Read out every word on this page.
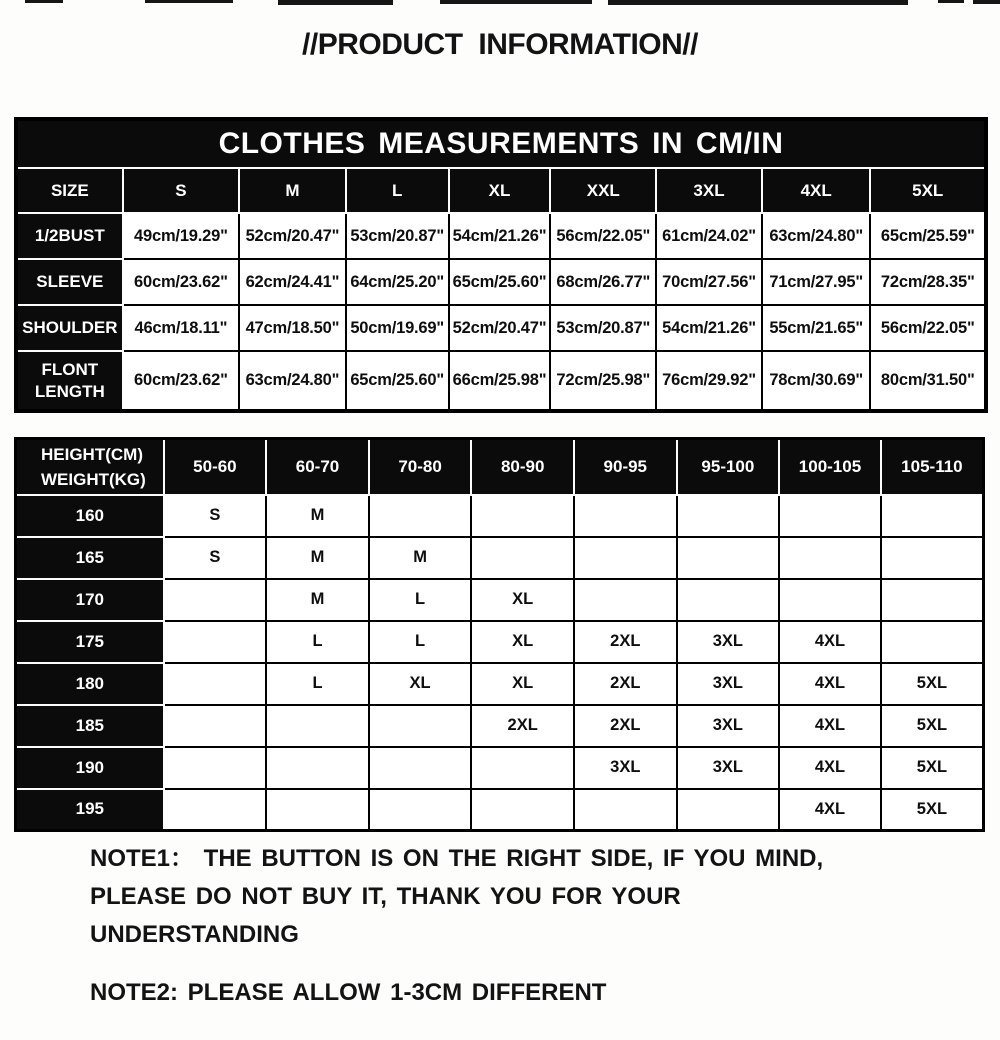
//PRODUCT INFORMATION//
CLOTHES MEASUREMENTS IN CM/IN								
SIZE	S	M	L	XL	XXL	3XL	4XL	5XL
1/2BUST	49cm/19.29"	52cm/20.47"	53cm/20.87"	54cm/21.26"	56cm/22.05"	61cm/24.02"	63cm/24.80"	65cm/25.59"
SLEEVE	60cm/23.62"	62cm/24.41"	64cm/25.20"	65cm/25.60"	68cm/26.77"	70cm/27.56"	71cm/27.95"	72cm/28.35"
SHOULDER	46cm/18.11"	47cm/18.50"	50cm/19.69"	52cm/20.47"	53cm/20.87"	54cm/21.26"	55cm/21.65"	56cm/22.05"
FLONT LENGTH	60cm/23.62"	63cm/24.80"	65cm/25.60"	66cm/25.98"	72cm/25.98"	76cm/29.92"	78cm/30.69"	80cm/31.50"
HEIGHT(CM)
WEIGHT(KG)	50-60	60-70	70-80	80-90	90-95	95-100	100-105	105-110
160	S	M						
165	S	M	M					
170		M	L	XL				
175		L	L	XL	2XL	3XL	4XL	
180		L	XL	XL	2XL	3XL	4XL	5XL
185				2XL	2XL	3XL	4XL	5XL
190					3XL	3XL	4XL	5XL
195							4XL	5XL
NOTE1： THE BUTTON IS ON THE RIGHT SIDE, IF YOU MIND,
PLEASE DO NOT BUY IT, THANK YOU FOR YOUR
UNDERSTANDING
NOTE2: PLEASE ALLOW 1-3CM DIFFERENT
